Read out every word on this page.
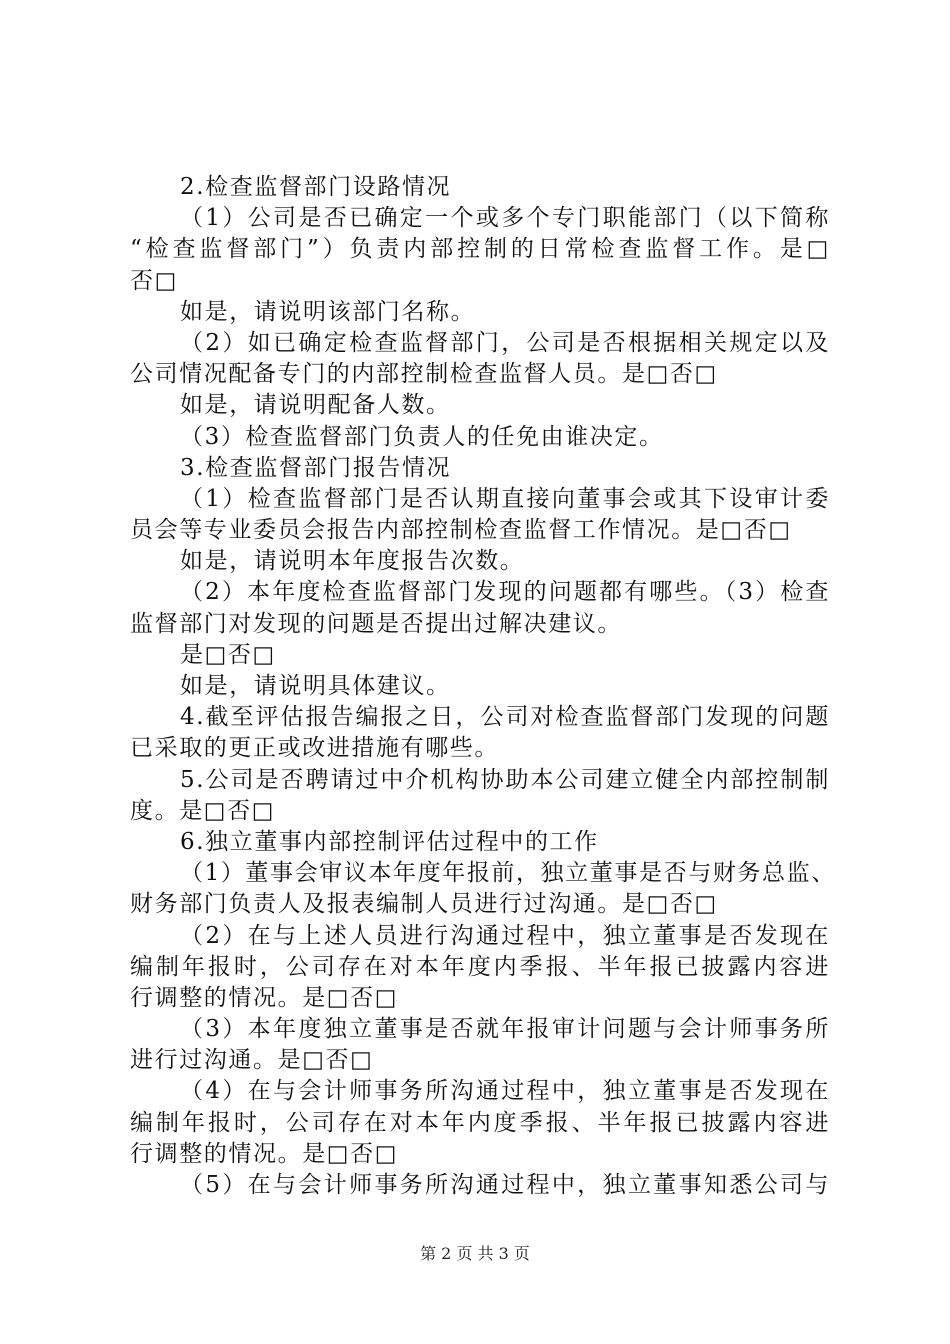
2.检查监督部门设路情况
（1）公司是否已确定一个或多个专门职能部门（以下简称
“检查监督部门”）负责内部控制的日常检查监督工作。是□
否□
如是，请说明该部门名称。
（2）如已确定检查监督部门，公司是否根据相关规定以及
公司情况配备专门的内部控制检查监督人员。是□否□
如是，请说明配备人数。
（3）检查监督部门负责人的任免由谁决定。
3.检查监督部门报告情况
（1）检查监督部门是否认期直接向董事会或其下设审计委
员会等专业委员会报告内部控制检查监督工作情况。是□否□
如是，请说明本年度报告次数。
（2）本年度检查监督部门发现的问题都有哪些。（3）检查
监督部门对发现的问题是否提出过解决建议。
是□否□
如是，请说明具体建议。
4.截至评估报告编报之日，公司对检查监督部门发现的问题
已采取的更正或改进措施有哪些。
5.公司是否聘请过中介机构协助本公司建立健全内部控制制
度。是□否□
6.独立董事内部控制评估过程中的工作
（1）董事会审议本年度年报前，独立董事是否与财务总监、
财务部门负责人及报表编制人员进行过沟通。是□否□
（2）在与上述人员进行沟通过程中，独立董事是否发现在
编制年报时，公司存在对本年度内季报、半年报已披露内容进
行调整的情况。是□否□
（3）本年度独立董事是否就年报审计问题与会计师事务所
进行过沟通。是□否□
（4）在与会计师事务所沟通过程中，独立董事是否发现在
编制年报时，公司存在对本年内度季报、半年报已披露内容进
行调整的情况。是□否□
（5）在与会计师事务所沟通过程中，独立董事知悉公司与
第 2 页 共 3 页
